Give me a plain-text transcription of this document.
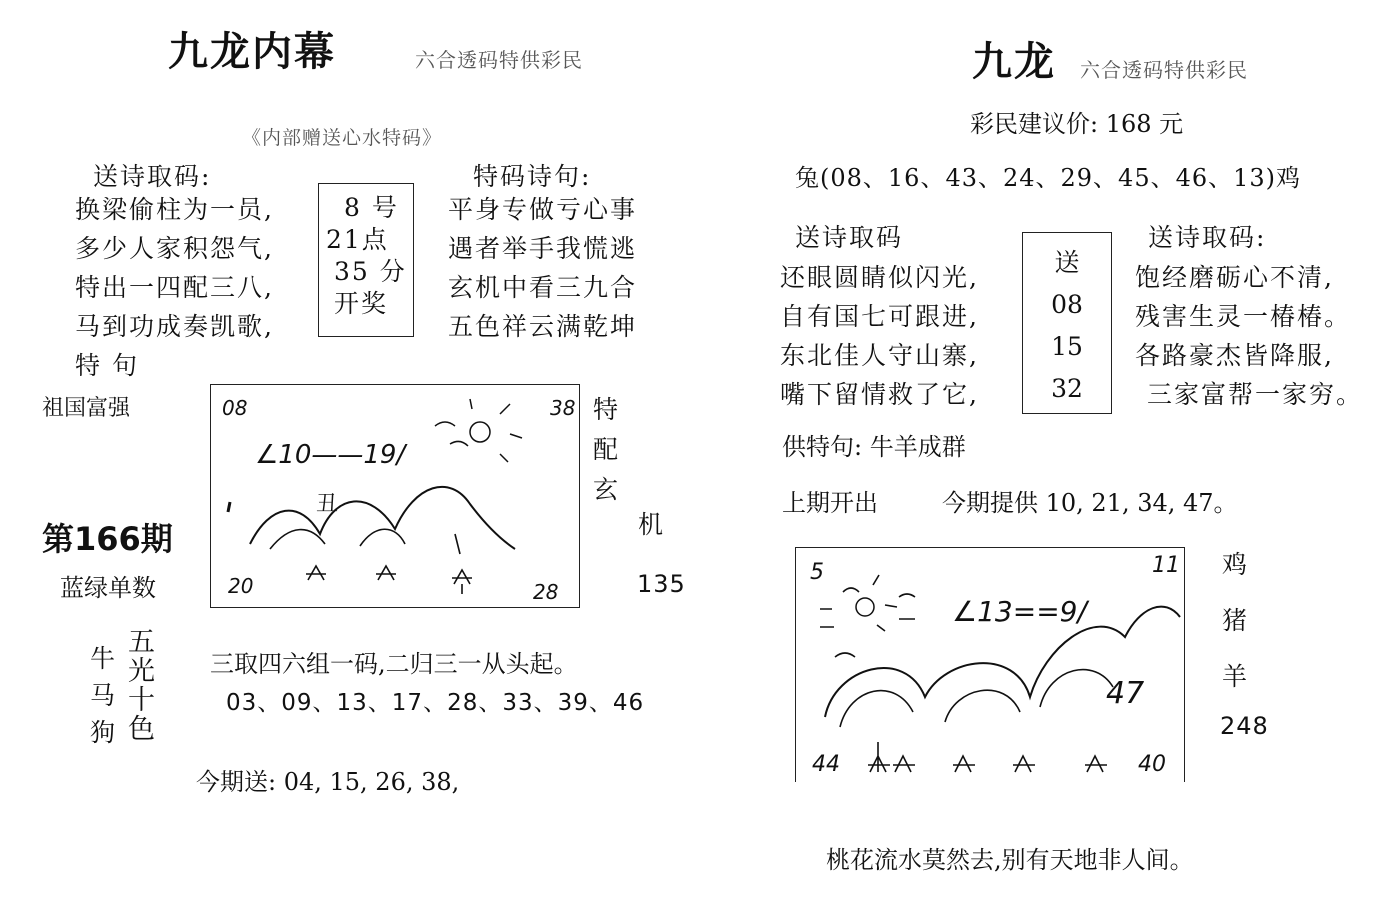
九龙内幕	六合透码特供彩民
《内部赠送心水特码》
送诗取码:	特码诗句:
换梁偷柱为一员,
多少人家积怨气,
特出一四配三八,
马到功成奏凯歌,
8 号
21点
35 分
开奖
平身专做亏心事
遇者举手我慌逃
玄机中看三九合
五色祥云满乾坤
特 句
祖国富强	08	38
∠10——19∕
丑
20	28
特
配
玄
机
135
第166期
蓝绿单数
牛
马
狗
五
光
十
色
三取四六组一码,二归三一从头起。
03、09、13、17、28、33、39、46
今期送: 04, 15, 26, 38,
九龙 六合透码特供彩民
彩民建议价: 168 元
兔(08、16、43、24、29、45、46、13)鸡
送诗取码	送诗取码:
还眼圆睛似闪光,
自有国七可跟进,
东北佳人守山寨,
嘴下留情救了它,
送
08
15
32
饱经磨砺心不清,
残害生灵一椿椿。
各路豪杰皆降服,
三家富帮一家穷。
供特句: 牛羊成群
上期开出	今期提供 10, 21, 34, 47。
5	11
∠13==9∕
47
44	40
鸡
猪
羊
248
桃花流水莫然去,别有天地非人间。
